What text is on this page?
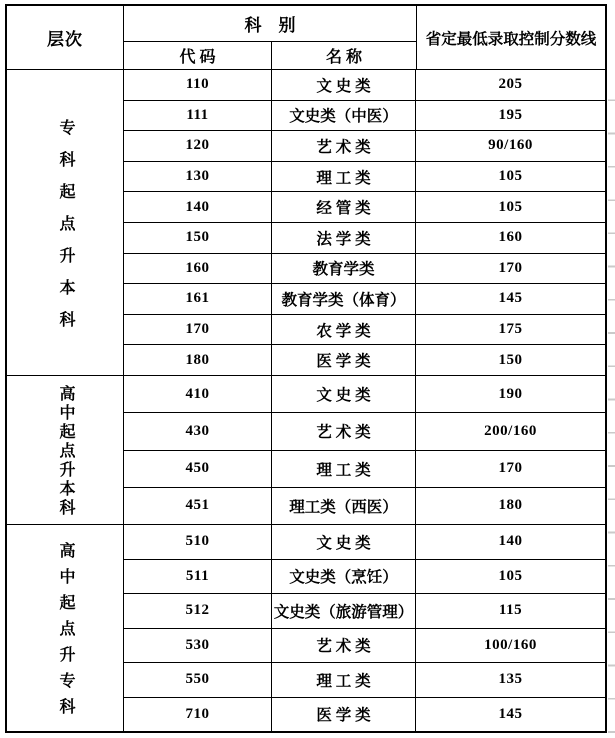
层次
科　别
代 码	名 称
省定最低录取控制分数线
专科起点升本科
110	文 史 类	205
111	文史类（中医）	195
120	艺 术 类	90/160
130	理 工 类	105
140	经 管 类	105
150	法 学 类	160
160	教育学类	170
161	教育学类（体育）	145
170	农 学 类	175
180	医 学 类	150
高中起点升本科	410	文 史 类	190
430	艺 术 类	200/160
450	理 工 类	170
451	理工类（西医）	180
高中起点升专科
510	文 史 类	140
511	文史类（烹饪）	105
512	文史类（旅游管理）	115
530	艺 术 类	100/160
550	理 工 类	135
710	医 学 类	145
